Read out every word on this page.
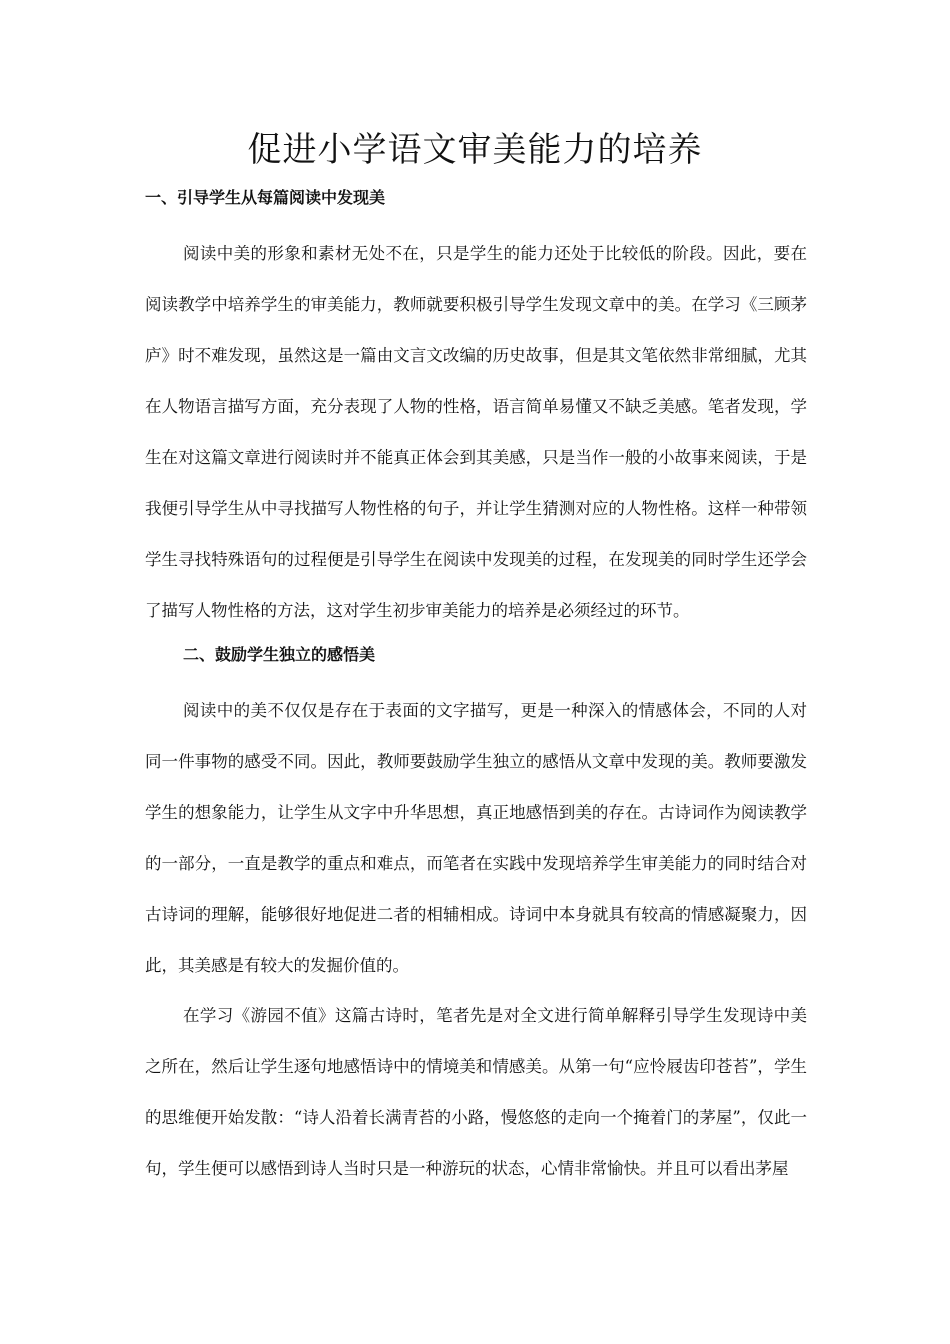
促进小学语文审美能力的培养
一、引导学生从每篇阅读中发现美

阅读中美的形象和素材无处不在，只是学生的能力还处于比较低的阶段。因此，要在阅读教学中培养学生的审美能力，教师就要积极引导学生发现文章中的美。在学习《三顾茅庐》时不难发现，虽然这是一篇由文言文改编的历史故事，但是其文笔依然非常细腻，尤其在人物语言描写方面，充分表现了人物的性格，语言简单易懂又不缺乏美感。笔者发现，学生在对这篇文章进行阅读时并不能真正体会到其美感，只是当作一般的小故事来阅读，于是我便引导学生从中寻找描写人物性格的句子，并让学生猜测对应的人物性格。这样一种带领学生寻找特殊语句的过程便是引导学生在阅读中发现美的过程，在发现美的同时学生还学会了描写人物性格的方法，这对学生初步审美能力的培养是必须经过的环节。

二、鼓励学生独立的感悟美

阅读中的美不仅仅是存在于表面的文字描写，更是一种深入的情感体会，不同的人对同一件事物的感受不同。因此，教师要鼓励学生独立的感悟从文章中发现的美。教师要激发学生的想象能力，让学生从文字中升华思想，真正地感悟到美的存在。古诗词作为阅读教学的一部分，一直是教学的重点和难点，而笔者在实践中发现培养学生审美能力的同时结合对古诗词的理解，能够很好地促进二者的相辅相成。诗词中本身就具有较高的情感凝聚力，因此，其美感是有较大的发掘价值的。

在学习《游园不值》这篇古诗时，笔者先是对全文进行简单解释引导学生发现诗中美之所在，然后让学生逐句地感悟诗中的情境美和情感美。从第一句“应怜屐齿印苍苔”，学生的思维便开始发散：“诗人沿着长满青苔的小路，慢悠悠的走向一个掩着门的茅屋”，仅此一句，学生便可以感悟到诗人当时只是一种游玩的状态，心情非常愉快。并且可以看出茅屋
